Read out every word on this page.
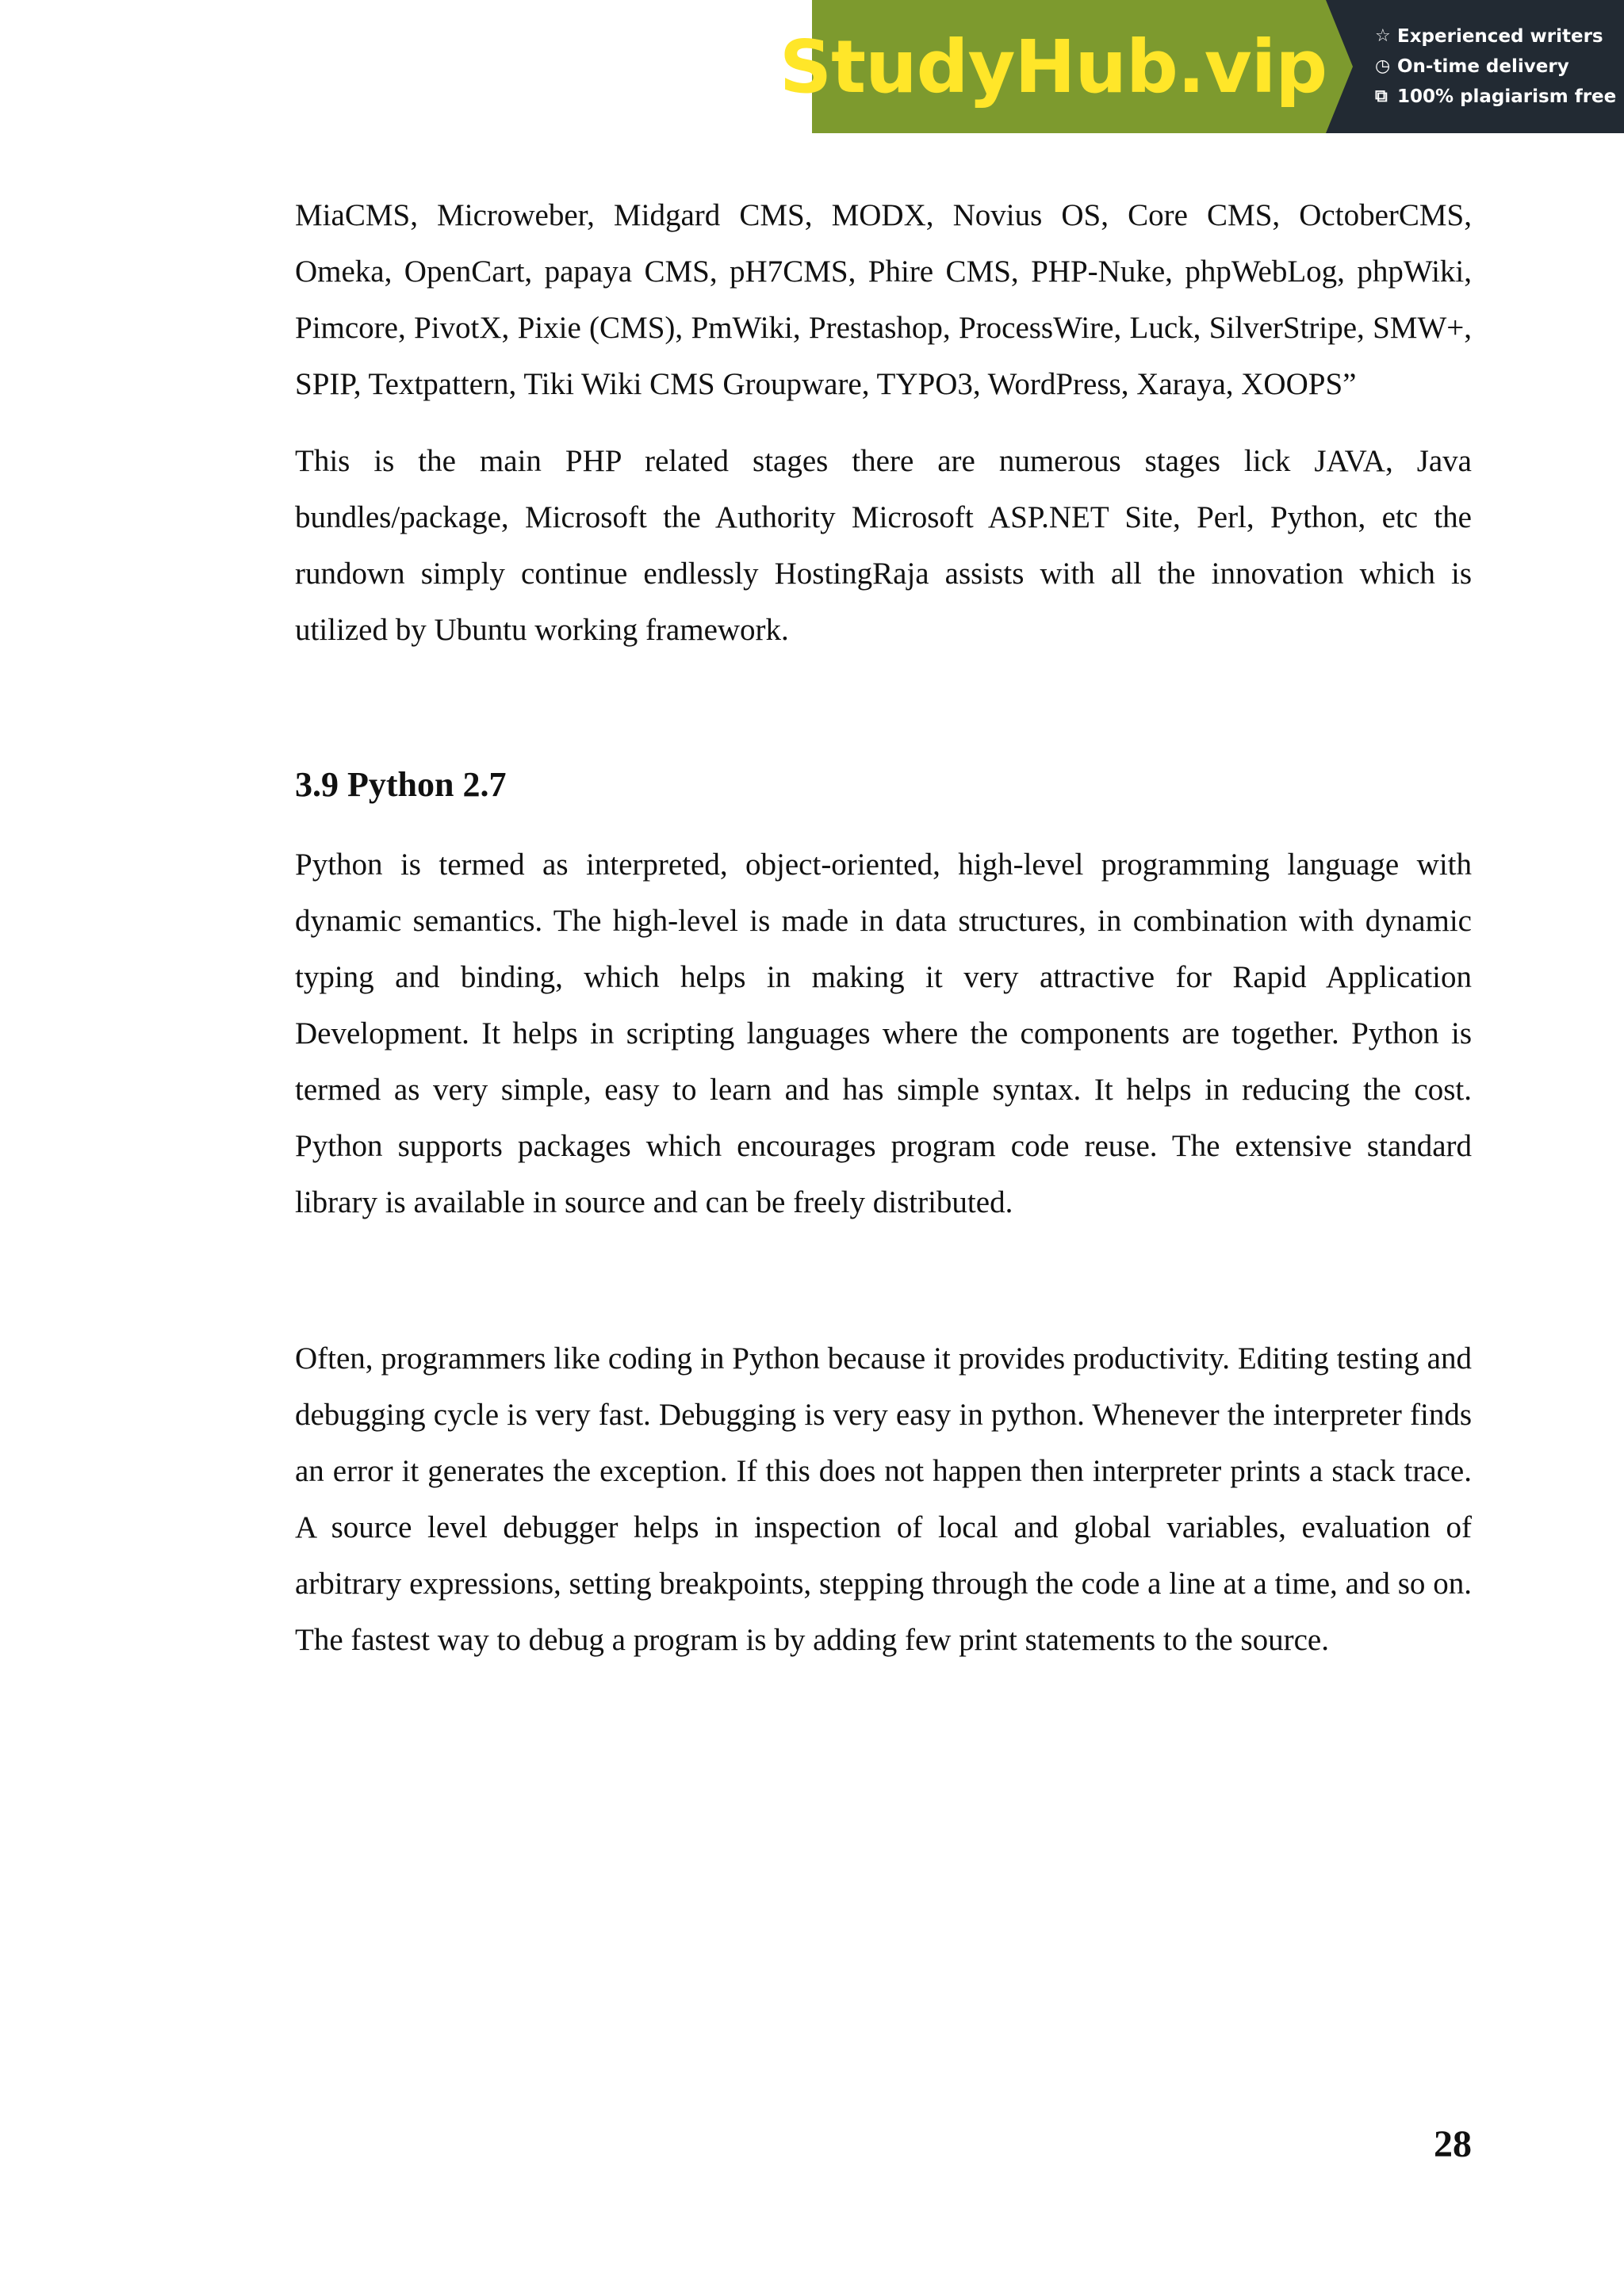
StudyHub.vip	☆ Experienced writers
◷ On-time delivery
⧉ 100% plagiarism free

MiaCMS, Microweber, Midgard CMS, MODX, Novius OS, Core CMS, OctoberCMS, Omeka, OpenCart, papaya CMS, pH7CMS, Phire CMS, PHP-Nuke, phpWebLog, phpWiki, Pimcore, PivotX, Pixie (CMS), PmWiki, Prestashop, ProcessWire, Luck, SilverStripe, SMW+, SPIP, Textpattern, Tiki Wiki CMS Groupware, TYPO3, WordPress, Xaraya, XOOPS”

This is the main PHP related stages there are numerous stages lick JAVA, Java bundles/package, Microsoft the Authority Microsoft ASP.NET Site, Perl, Python, etc the rundown simply continue endlessly HostingRaja assists with all the innovation which is utilized by Ubuntu working framework.

3.9 Python 2.7

Python is termed as interpreted, object-oriented, high-level programming language with dynamic semantics. The high-level is made in data structures, in combination with dynamic typing and binding, which helps in making it very attractive for Rapid Application Development. It helps in scripting languages where the components are together. Python is termed as very simple, easy to learn and has simple syntax. It helps in reducing the cost. Python supports packages which encourages program code reuse. The extensive standard library is available in source and can be freely distributed.

Often, programmers like coding in Python because it provides productivity. Editing testing and debugging cycle is very fast. Debugging is very easy in python. Whenever the interpreter finds an error it generates the exception. If this does not happen then interpreter prints a stack trace. A source level debugger helps in inspection of local and global variables, evaluation of arbitrary expressions, setting breakpoints, stepping through the code a line at a time, and so on. The fastest way to debug a program is by adding few print statements to the source.

28
